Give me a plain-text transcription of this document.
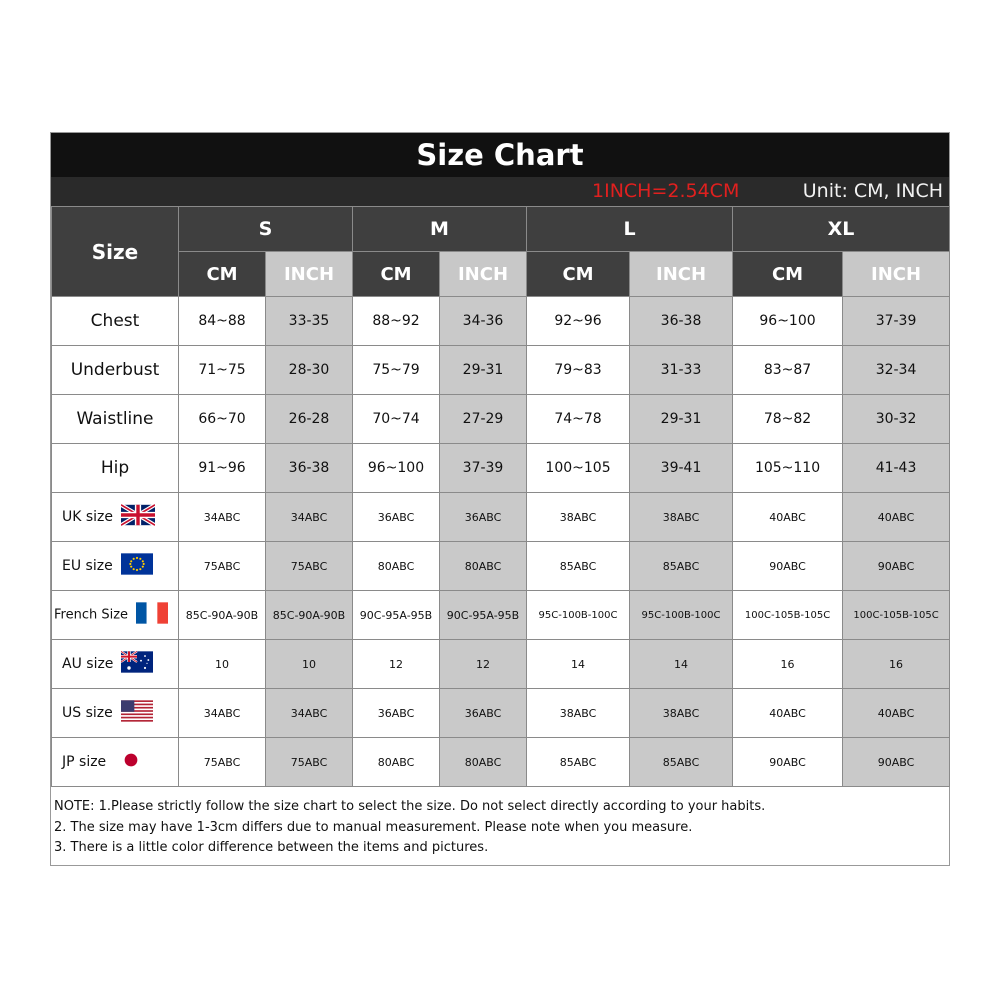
Size Chart
1INCH=2.54CM	Unit: CM, INCH
Size	S		M		L		XL	
	CM	INCH	CM	INCH	CM	INCH	CM	INCH
Chest	84~88	33-35	88~92	34-36	92~96	36-38	96~100	37-39
Underbust	71~75	28-30	75~79	29-31	79~83	31-33	83~87	32-34
Waistline	66~70	26-28	70~74	27-29	74~78	29-31	78~82	30-32
Hip	91~96	36-38	96~100	37-39	100~105	39-41	105~110	41-43
UK size	34ABC	34ABC	36ABC	36ABC	38ABC	38ABC	40ABC	40ABC
EU size	75ABC	75ABC	80ABC	80ABC	85ABC	85ABC	90ABC	90ABC
French Size	85C-90A-90B	85C-90A-90B	90C-95A-95B	90C-95A-95B	95C-100B-100C	95C-100B-100C	100C-105B-105C	100C-105B-105C
AU size	10	10	12	12	14	14	16	16
US size	34ABC	34ABC	36ABC	36ABC	38ABC	38ABC	40ABC	40ABC
JP size	75ABC	75ABC	80ABC	80ABC	85ABC	85ABC	90ABC	90ABC
NOTE: 1.Please strictly follow the size chart to select the size. Do not select directly according to your habits.
2. The size may have 1-3cm differs due to manual measurement. Please note when you measure.
3. There is a little color difference between the items and pictures.
